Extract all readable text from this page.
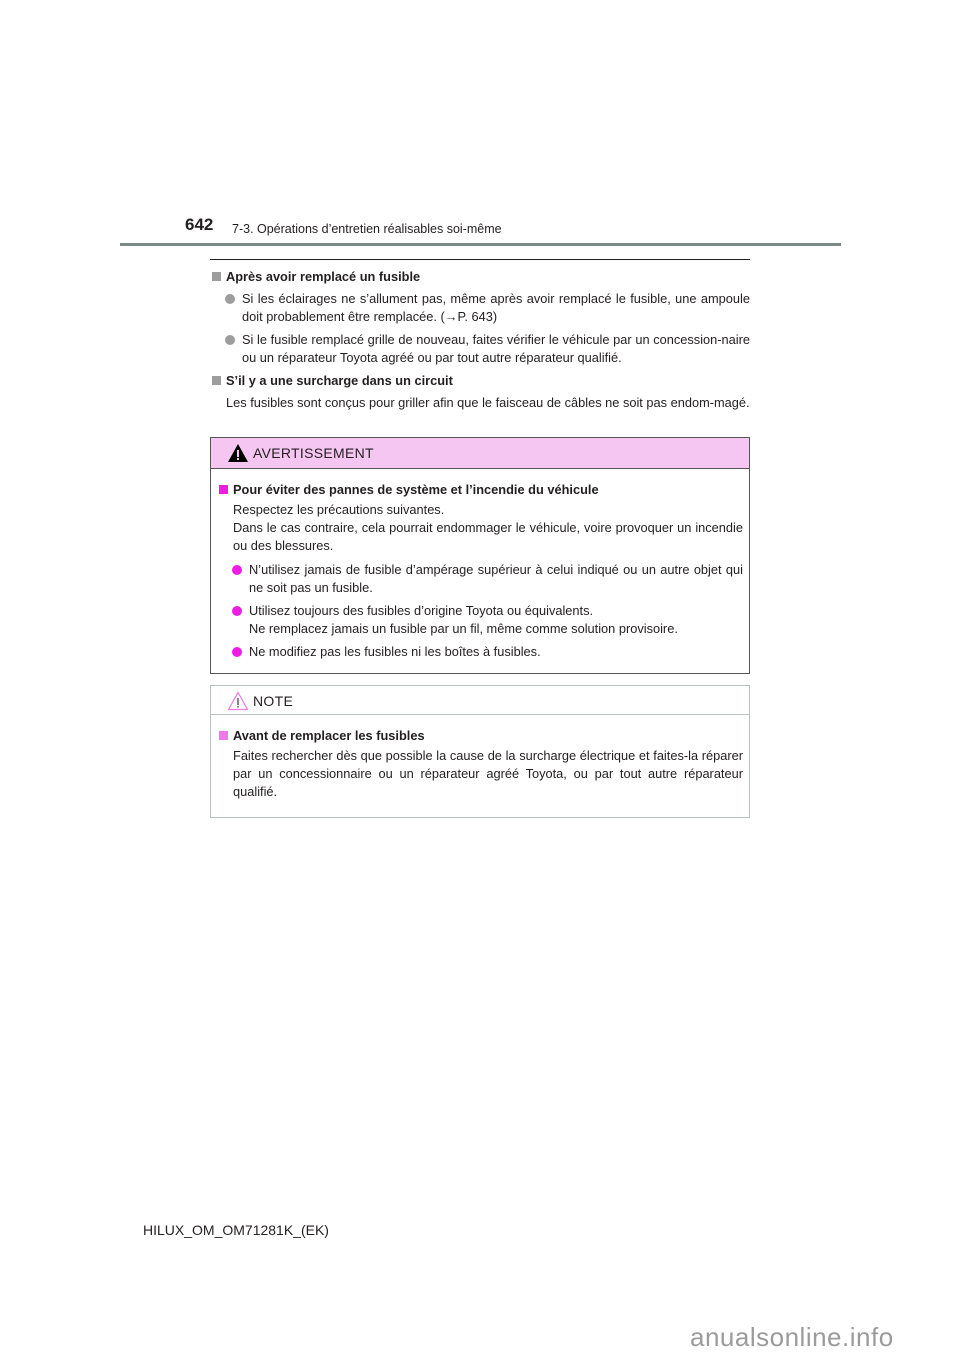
642 7-3. Opérations d’entretien réalisables soi-même
Après avoir remplacé un fusible
Si les éclairages ne s’allument pas, même après avoir remplacé le fusible, une ampoule doit probablement être remplacée. (→P. 643)
Si le fusible remplacé grille de nouveau, faites vérifier le véhicule par un concession-naire ou un réparateur Toyota agréé ou par tout autre réparateur qualifié.
S’il y a une surcharge dans un circuit
Les fusibles sont conçus pour griller afin que le faisceau de câbles ne soit pas endom-magé.
AVERTISSEMENT
Pour éviter des pannes de système et l’incendie du véhicule
Respectez les précautions suivantes.
Dans le cas contraire, cela pourrait endommager le véhicule, voire provoquer un incendie ou des blessures.
N’utilisez jamais de fusible d’ampérage supérieur à celui indiqué ou un autre objet qui ne soit pas un fusible.
Utilisez toujours des fusibles d’origine Toyota ou équivalents.
Ne remplacez jamais un fusible par un fil, même comme solution provisoire.
Ne modifiez pas les fusibles ni les boîtes à fusibles.
NOTE
Avant de remplacer les fusibles
Faites rechercher dès que possible la cause de la surcharge électrique et faites-la réparer par un concessionnaire ou un réparateur agréé Toyota, ou par tout autre réparateur qualifié.
HILUX_OM_OM71281K_(EK)
anualsonline.info
